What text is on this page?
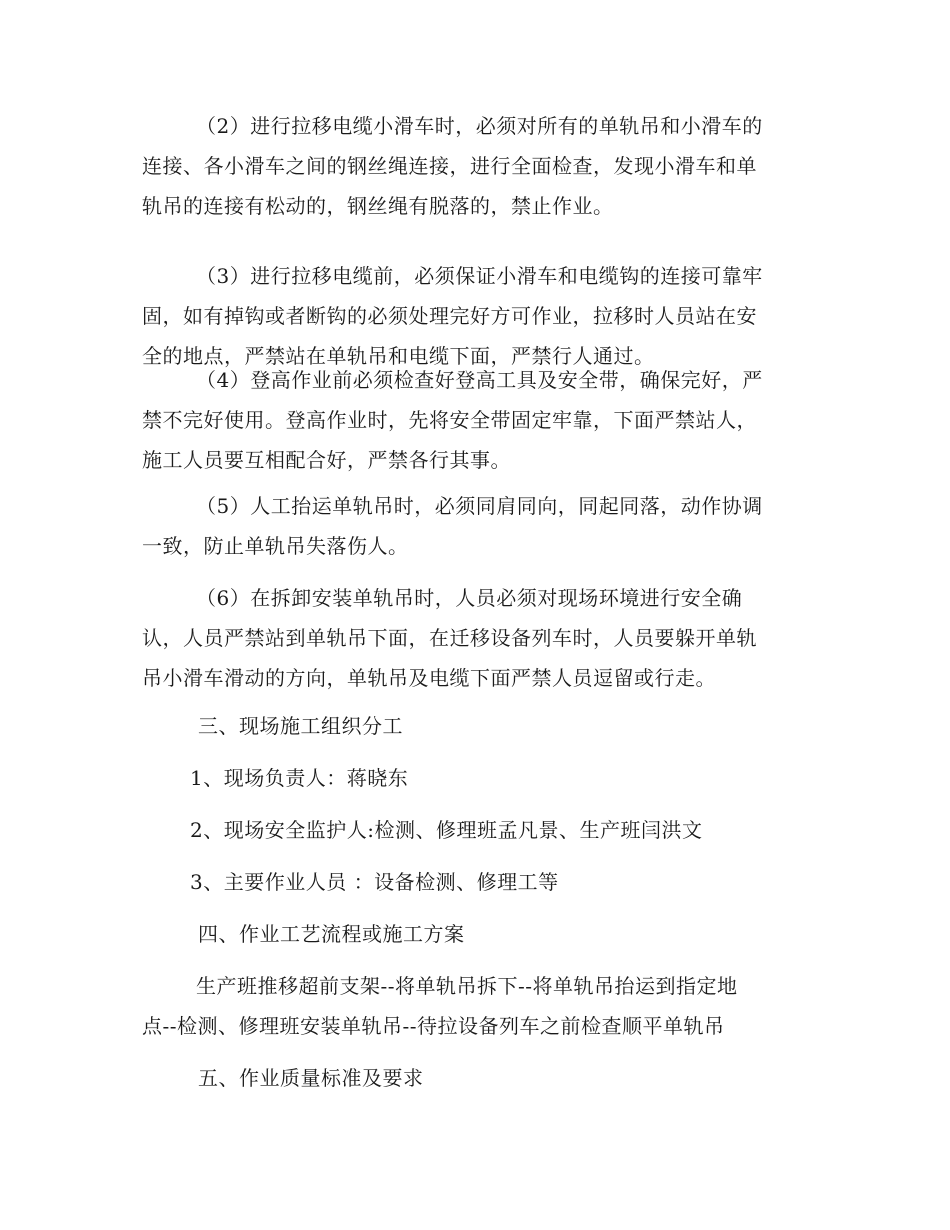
（2）进行拉移电缆小滑车时，必须对所有的单轨吊和小滑车的
连接、各小滑车之间的钢丝绳连接，进行全面检查，发现小滑车和单
轨吊的连接有松动的，钢丝绳有脱落的，禁止作业。

（3）进行拉移电缆前，必须保证小滑车和电缆钩的连接可靠牢
固，如有掉钩或者断钩的必须处理完好方可作业，拉移时人员站在安
全的地点，严禁站在单轨吊和电缆下面，严禁行人通过。

（4）登高作业前必须检查好登高工具及安全带，确保完好，严
禁不完好使用。登高作业时，先将安全带固定牢靠，下面严禁站人，
施工人员要互相配合好，严禁各行其事。

（5）人工抬运单轨吊时，必须同肩同向，同起同落，动作协调
一致，防止单轨吊失落伤人。

（6）在拆卸安装单轨吊时，人员必须对现场环境进行安全确
认，人员严禁站到单轨吊下面，在迁移设备列车时，人员要躲开单轨
吊小滑车滑动的方向，单轨吊及电缆下面严禁人员逗留或行走。

三、现场施工组织分工

1、现场负责人：蒋晓东

2、现场安全监护人:检测、修理班孟凡景、生产班闫洪文

3、主要作业人员 ：设备检测、修理工等

四、作业工艺流程或施工方案

生产班推移超前支架--将单轨吊拆下--将单轨吊抬运到指定地
点--检测、修理班安装单轨吊--待拉设备列车之前检查顺平单轨吊

五、作业质量标准及要求
